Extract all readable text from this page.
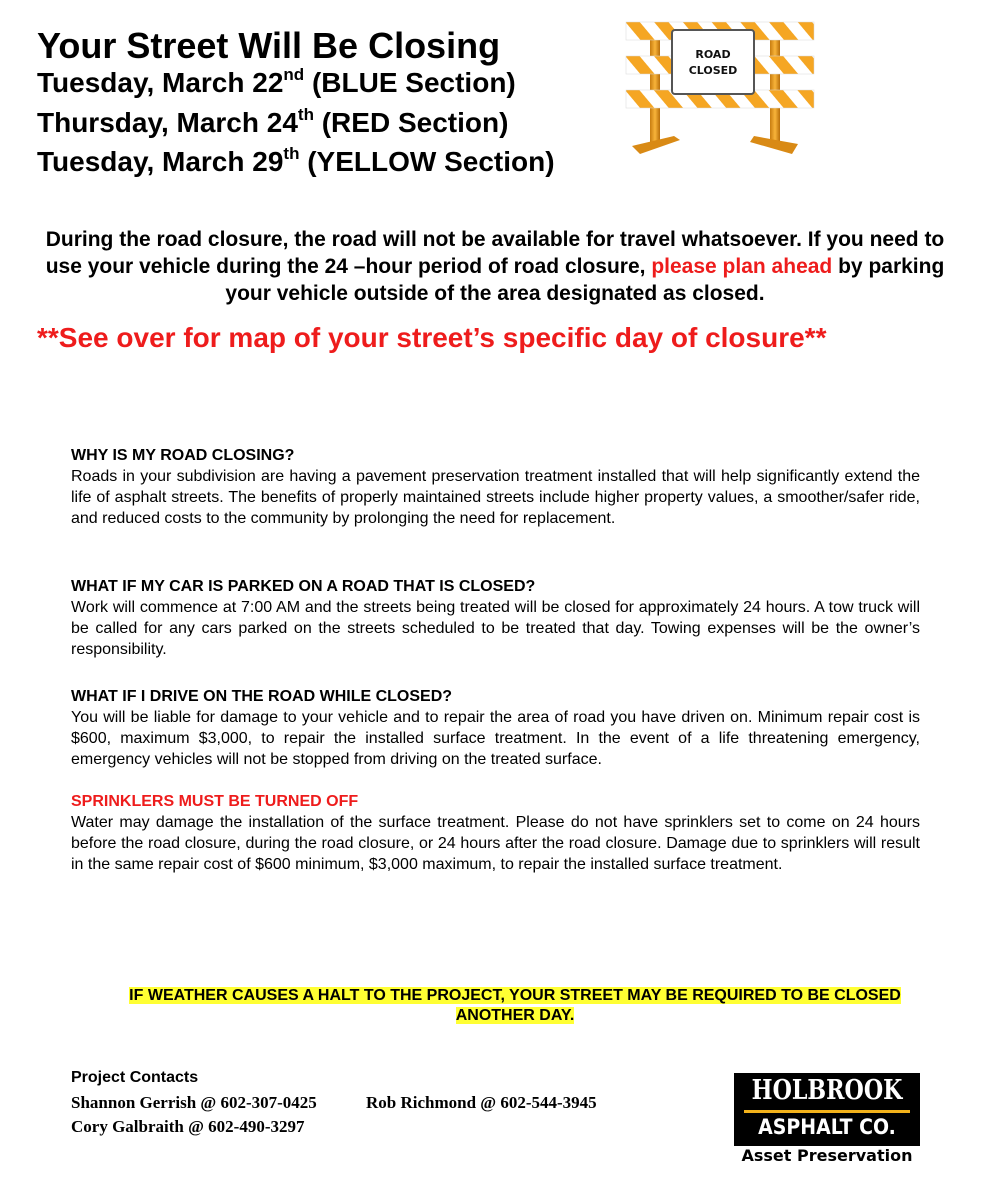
Your Street Will Be Closing
Tuesday, March 22nd (BLUE Section)
Thursday, March 24th (RED Section)
Tuesday, March 29th (YELLOW Section)
ROAD
CLOSED
During the road closure, the road will not be available for travel whatsoever. If you need to use your vehicle during the 24 –hour period of road closure, please plan ahead by parking your vehicle outside of the area designated as closed.
**See over for map of your street’s specific day of closure**
WHY IS MY ROAD CLOSING?

Roads in your subdivision are having a pavement preservation treatment installed that will help significantly extend the life of asphalt streets. The benefits of properly maintained streets include higher property values, a smoother/safer ride, and reduced costs to the community by prolonging the need for replacement.

WHAT IF MY CAR IS PARKED ON A ROAD THAT IS CLOSED?

Work will commence at 7:00 AM and the streets being treated will be closed for approximately 24 hours. A tow truck will be called for any cars parked on the streets scheduled to be treated that day. Towing expenses will be the owner’s responsibility.

WHAT IF I DRIVE ON THE ROAD WHILE CLOSED?

You will be liable for damage to your vehicle and to repair the area of road you have driven on. Minimum repair cost is $600, maximum $3,000, to repair the installed surface treatment. In the event of a life threatening emergency, emergency vehicles will not be stopped from driving on the treated surface.

SPRINKLERS MUST BE TURNED OFF

Water may damage the installation of the surface treatment. Please do not have sprinklers set to come on 24 hours before the road closure, during the road closure, or 24 hours after the road closure. Damage due to sprinklers will result in the same repair cost of $600 minimum, $3,000 maximum, to repair the installed surface treatment.

IF WEATHER CAUSES A HALT TO THE PROJECT, YOUR STREET MAY BE REQUIRED TO BE CLOSED ANOTHER DAY.
Project Contacts
Shannon Gerrish @ 602-307-0425	Rob Richmond @ 602-544-3945
Cory Galbraith @ 602-490-3297
HOLBROOK
ASPHALT CO.
Asset Preservation
